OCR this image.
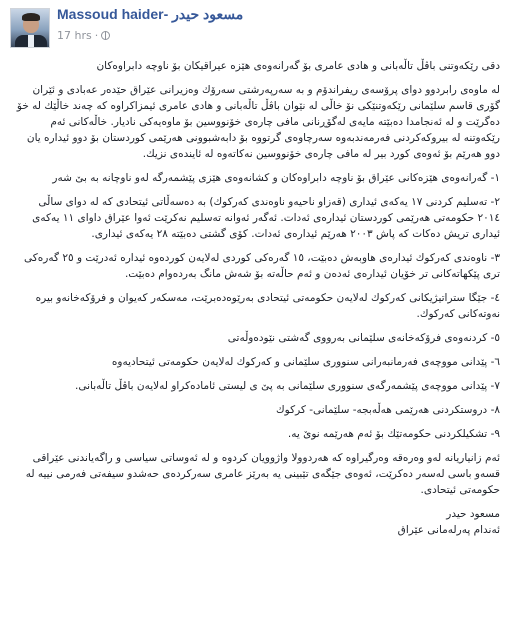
Massoud haider- مسعود حيدر
17 hrs ·

دقى رێكەوتنى باڤڵ تاڵەبانى و هادى عامرى بۆ گەرانەوەى هێزە عیراقیكان بۆ ناوچە دابراوەكان

لە ماوەى رابردوو دواى پرۆسەى ریفراندۆم و بە سەرپەرشتى سەرۆك وەزیرانى عێراق حێدەر عەبادى و ئێران گۆرى قاسم سلێمانى رێكەوتنێكى نۆ خاڵى لە نێوان باڤڵ تاڵەبانى و هادى عامرى ئیمزاكراوە كە چەند خاڵێك لە خۆ دەگرێت و لە ئەنجامدا دەبێتە مایەی لەگۆڕنانى مافى چارەى خۆنووسین بۆ ماوەیەكى نادیار. خاڵەكانى ئەم رێكەوتنە لە بیروكەكردنى فەرمەندبەوە سەرچاوەى گرتووە بۆ دابەشبوونى هەرێمى كوردستان بۆ دوو ئیدارە یان دوو هەرێم بۆ ئەوەى كورد بیر لە مافى چارەى خۆنووسین نەكاتەوە لە ئایندەى نزیك.

١- گەرانەوەى هێزەكانى عێراق بۆ ناوچە دابراوەكان و كشانەوەى هێزى پێشمەرگە لەو ناوچانە بە بێ شەر

٢- تەسلیم كردنى ١٧ یەكەى ئیدارى (قەزاو ناحیەو ناوەندى كەركوك) بە دەسەڵاتى ئیتحادى كە لە دواى ساڵى ٢٠١٤ حكومەتى هەرێمى كوردستان ئیدارەى ئەدات. ئەگەر ئەوانە تەسلیم نەكرێت ئەوا عێراق داواى ١١ یەكەى ئیدارى تریش دەكات كە پاش ٢٠٠٣ هەرێم ئیدارەى ئەدات. كۆى گشتى دەبێتە ٢٨ یەكەى ئیدارى.

٣- ناوەندى كەركوك ئیدارەى هاوبەش دەبێت، ١٥ گەرەكى كوردى لەلایەن كوردەوە ئیدارە ئەدرێت و ٢٥ گەرەكى ترى پێكهاتەكانى تر خۆیان ئیدارەى ئەدەن و ئەم حاڵەتە بۆ شەش مانگ بەردەوام دەبێت.

٤- جێگا ستراتیژیكانى كەركوك لەلایەن حكومەتى ئیتحادى بەرێوەدەبرێت، مەسكەر كەیوان و فرۆكەخانەو بیرە نەوتەكانى كەركوك.

٥- كردنەوەى فرۆكەخانەى سلێمانى بەرووى گەشتى نێودەوڵەتى

٦- پێدانى مووچەى فەرمانبەرانى سنوورى سلێمانى و كەركوك لەلایەن حكومەتى ئیتحادیەوە

٧- پێدانى مووچەى پێشمەرگەى سنوورى سلێمانى بە پێ ى لیستى ئامادەكراو لەلایەن باڤڵ تاڵەبانى.

٨- دروستكردنى هەرێمى هەڵەبجە- سلێمانى- كركوك

٩- تشكیلكردنى حكومەتێك بۆ ئەم هەرێمە نوێ یە.

ئەم زانیاریانە لەو وەرەقە وەرگیراوە كە هەردوولا واژوویان كردوە و لە ئەوساتى سیاسى و راگەیاندنى عێراقى قسەو باسى لەسەر دەكرێت، ئەوەى جێگەى تێبینى یە بەرێز عامرى سەركردەى حەشدو سیفەتى فەرمى نییە لە حكومەتى ئیتحادى.

مسعود حيدر

ئەندام پەرلەمانى عێراق
